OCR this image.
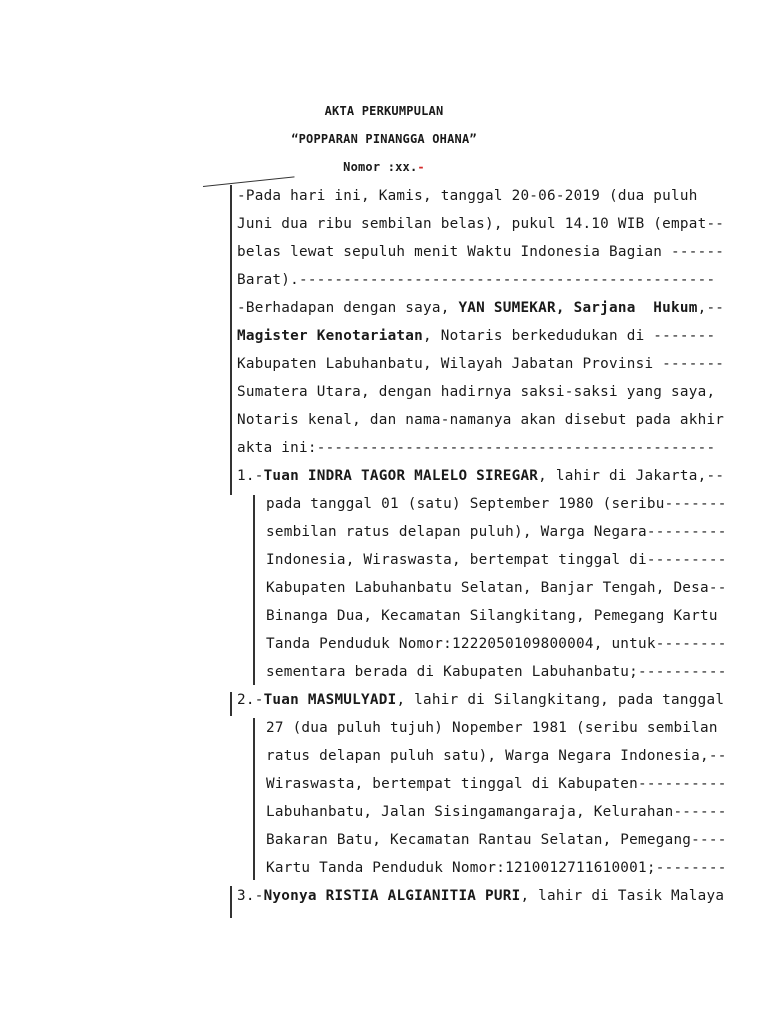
AKTA PERKUMPULAN
“POPPARAN PINANGGA OHANA”
Nomor :xx.-
-Pada hari ini, Kamis, tanggal 20-06-2019 (dua puluh
Juni dua ribu sembilan belas), pukul 14.10 WIB (empat--
belas lewat sepuluh menit Waktu Indonesia Bagian ------
Barat).-----------------------------------------------
-Berhadapan dengan saya, YAN SUMEKAR, Sarjana  Hukum,--
Magister Kenotariatan, Notaris berkedudukan di -------
Kabupaten Labuhanbatu, Wilayah Jabatan Provinsi -------
Sumatera Utara, dengan hadirnya saksi-saksi yang saya,
Notaris kenal, dan nama-namanya akan disebut pada akhir
akta ini:---------------------------------------------
1.-Tuan INDRA TAGOR MALELO SIREGAR, lahir di Jakarta,--
pada tanggal 01 (satu) September 1980 (seribu-------
sembilan ratus delapan puluh), Warga Negara---------
Indonesia, Wiraswasta, bertempat tinggal di---------
Kabupaten Labuhanbatu Selatan, Banjar Tengah, Desa--
Binanga Dua, Kecamatan Silangkitang, Pemegang Kartu
Tanda Penduduk Nomor:1222050109800004, untuk--------
sementara berada di Kabupaten Labuhanbatu;----------
2.-Tuan MASMULYADI, lahir di Silangkitang, pada tanggal
27 (dua puluh tujuh) Nopember 1981 (seribu sembilan
ratus delapan puluh satu), Warga Negara Indonesia,--
Wiraswasta, bertempat tinggal di Kabupaten----------
Labuhanbatu, Jalan Sisingamangaraja, Kelurahan------
Bakaran Batu, Kecamatan Rantau Selatan, Pemegang----
Kartu Tanda Penduduk Nomor:1210012711610001;--------
3.-Nyonya RISTIA ALGIANITIA PURI, lahir di Tasik Malaya
